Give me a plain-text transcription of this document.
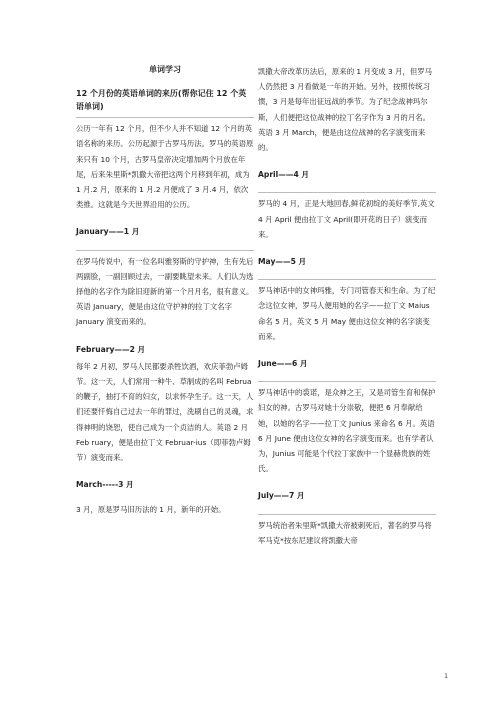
单词学习
12 个月份的英语单词的来历(帮你记住 12 个英语单词)

公历一年有 12 个月，但不少人并不知道 12 个月的英语名称的来历。公历起源于古罗马历法。罗马的英语原来只有 10 个月，古罗马皇帝决定增加两个月放在年尾，后来朱里斯*凯撒大帝把这两个月移到年初，成为 1 月.2 月，原来的 1 月.2 月便成了 3 月.4 月，依次类推。这就是今天世界沿用的公历。

January——1 月

在罗马传说中，有一位名叫雅努斯的守护神，生有先后两副脸，一副回顾过去，一副要眺望未来。人们认为选择他的名字作为除旧迎新的第一个月月名，很有意义。英语 January，便是由这位守护神的拉丁文名字 January 演变而来的。

February——2 月

每年 2 月初，罗马人民都要杀牲饮酒，欢庆菲勃卢姆节。这一天，人们常用一种牛、草制成的名叫 Februa 的鞭子，抽打不育的妇女，以求怀孕生子。这一天，人们还要忏悔自己过去一年的罪过，洗刷自己的灵魂，求得神明的饶恕，使自己成为一个贞洁的人。英语 2 月 Feb ruary，便是由拉丁文 Februar-ius（即菲勃卢姆节）演变而来。

March-----3 月

3 月，原是罗马旧历法的 1 月，新年的开始。

凯撒大帝改革历法后，原来的 1 月变成 3 月，但罗马人仍然把 3 月看做是一年的开始。另外，按照传统习惯，3 月是每年出征远战的季节。为了纪念战神玛尔斯，人们便把这位战神的拉丁名字作为 3 月的月名。英语 3 月 March，便是由这位战神的名字演变而来的。

April——4 月

罗马的 4 月，正是大地回春,鲜花初绽的美好季节,英文 4 月 April 便由拉丁文 April(即开花的日子）演变而来。

May——5 月

罗马神话中的女神玛雅，专门司管春天和生命。为了纪念这位女神，罗马人便用她的名字——拉丁文 Maius 命名 5 月，英文 5 月 May 便由这位女神的名字演变而来。

June——6 月

罗马神话中的裘诺，是众神之王，又是司管生育和保护妇女的神。古罗马对她十分崇敬，便把 6 月奉献给她，以她的名字——拉丁文 Junius 来命名 6 月。英语 6 月 June 便由这位女神的名字演变而来。也有学者认为，Junius 可能是个代拉丁家族中一个显赫贵族的姓氏。

July——7 月

罗马统治者朱里斯*凯撒大帝被刺死后，著名的罗马将军马克*按东尼建议将凯撒大帝

1
